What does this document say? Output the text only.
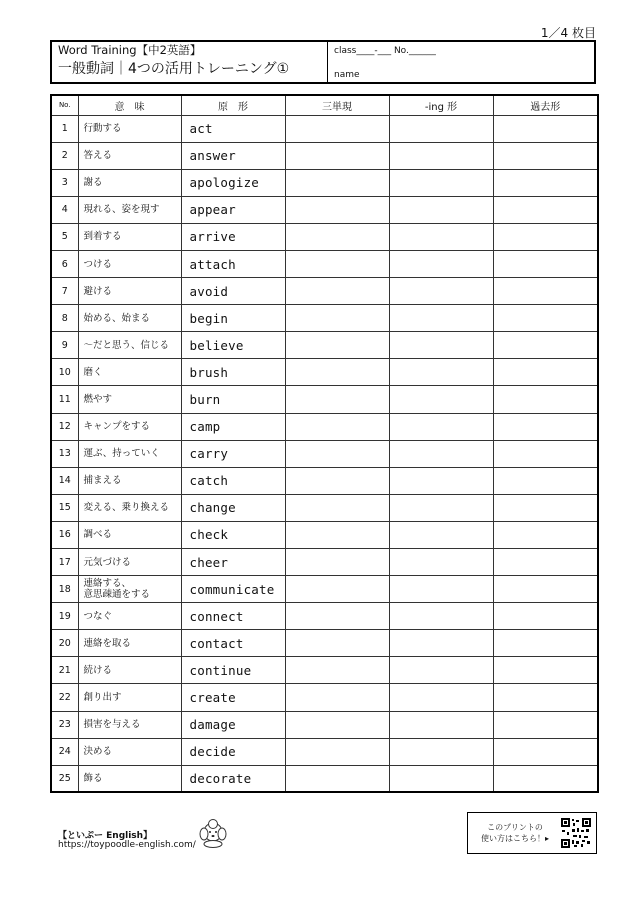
1／4 枚目
Word Training【中2英語】
一般動詞｜4つの活用トレーニング①
class____-___ No.______
name
No.	意　味	原　形	三単現	-ing 形	過去形
1	行動する	act			
2	答える	answer			
3	謝る	apologize			
4	現れる、姿を現す	appear			
5	到着する	arrive			
6	つける	attach			
7	避ける	avoid			
8	始める、始まる	begin			
9	～だと思う、信じる	believe			
10	磨く	brush			
11	燃やす	burn			
12	キャンプをする	camp			
13	運ぶ、持っていく	carry			
14	捕まえる	catch			
15	変える、乗り換える	change			
16	調べる	check			
17	元気づける	cheer			
18	連絡する、
意思疎通をする	communicate			
19	つなぐ	connect			
20	連絡を取る	contact			
21	続ける	continue			
22	創り出す	create			
23	損害を与える	damage			
24	決める	decide			
25	飾る	decorate			
【といぷー English】
https://toypoodle-english.com/
このプリントの
使い方はこちら！▸
